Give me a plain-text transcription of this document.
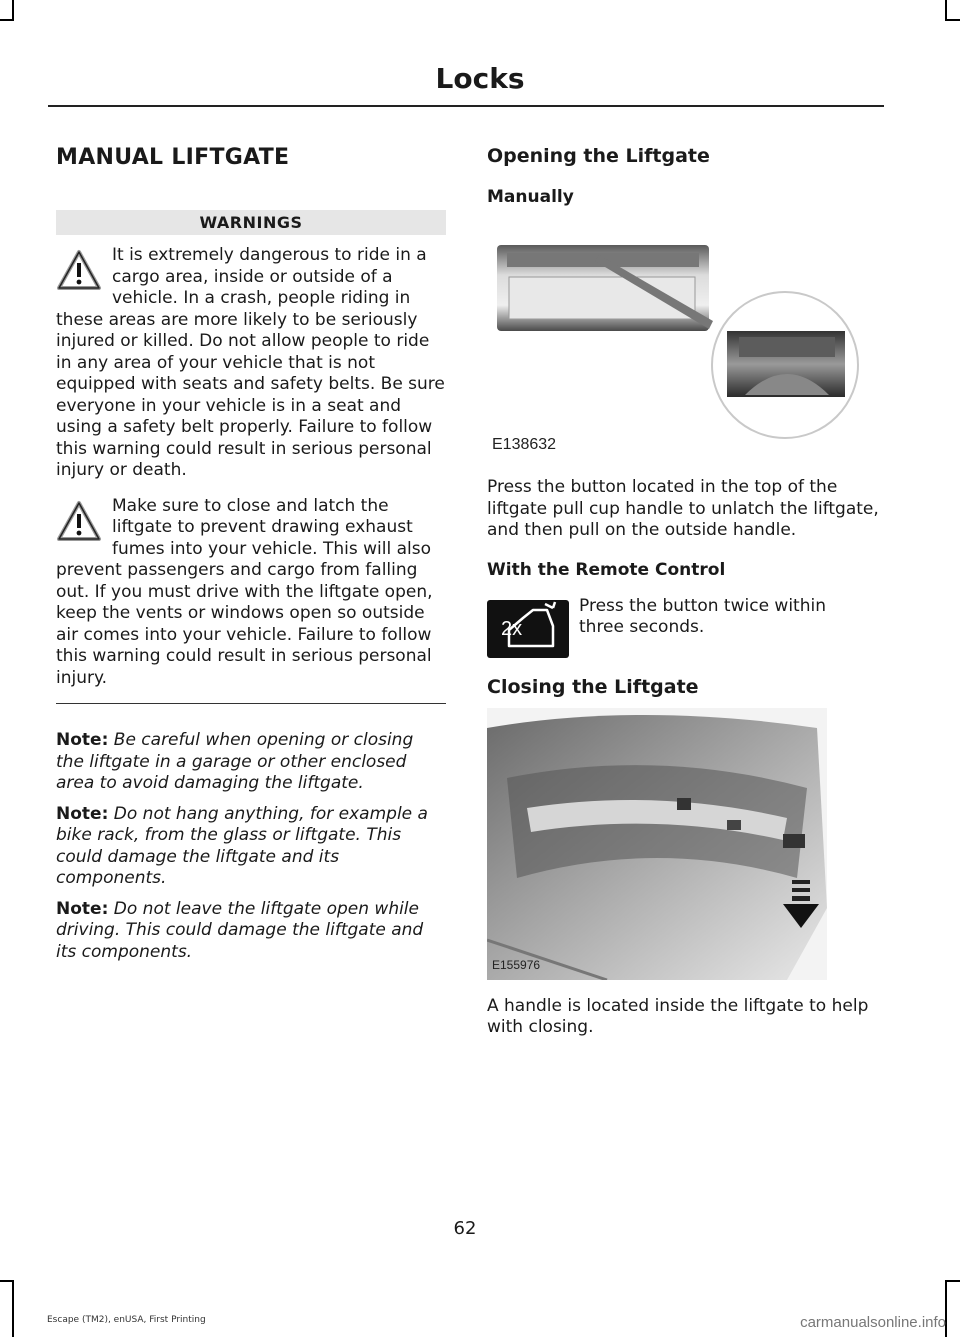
Locks
MANUAL LIFTGATE
WARNINGS
It is extremely dangerous to ride in a cargo area, inside or outside of a vehicle. In a crash, people riding in these areas are more likely to be seriously injured or killed. Do not allow people to ride in any area of your vehicle that is not equipped with seats and safety belts. Be sure everyone in your vehicle is in a seat and using a safety belt properly. Failure to follow this warning could result in serious personal injury or death.
Make sure to close and latch the liftgate to prevent drawing exhaust fumes into your vehicle. This will also prevent passengers and cargo from falling out. If you must drive with the liftgate open, keep the vents or windows open so outside air comes into your vehicle. Failure to follow this warning could result in serious personal injury.
Note: Be careful when opening or closing the liftgate in a garage or other enclosed area to avoid damaging the liftgate.
Note: Do not hang anything, for example a bike rack, from the glass or liftgate. This could damage the liftgate and its components.
Note: Do not leave the liftgate open while driving. This could damage the liftgate and its components.
Opening the Liftgate
Manually
E138632
Press the button located in the top of the liftgate pull cup handle to unlatch the liftgate, and then pull on the outside handle.
With the Remote Control
2x
Press the button twice within three seconds.
Closing the Liftgate
E155976
A handle is located inside the liftgate to help with closing.
62
Escape (TM2), enUSA, First Printing	carmanualsonline.info
